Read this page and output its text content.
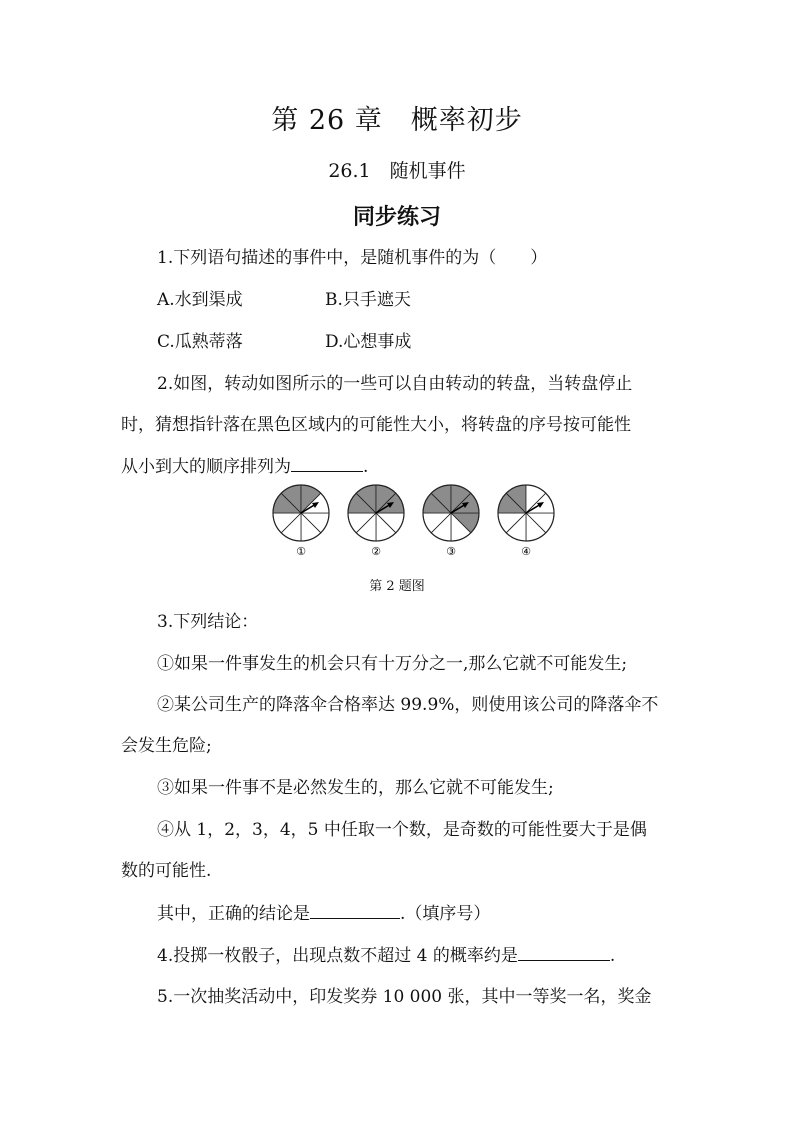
第 26 章　概率初步
26.1　随机事件
同步练习
1.下列语句描述的事件中，是随机事件的为（　　）
A.水到渠成	B.只手遮天
C.瓜熟蒂落	D.心想事成
2.如图，转动如图所示的一些可以自由转动的转盘，当转盘停止
时，猜想指针落在黑色区域内的可能性大小，将转盘的序号按可能性
从小到大的顺序排列为	.
①	②	③	④
第 2 题图
3.下列结论：
①如果一件事发生的机会只有十万分之一,那么它就不可能发生;
②某公司生产的降落伞合格率达 99.9%，则使用该公司的降落伞不
会发生危险;
③如果一件事不是必然发生的，那么它就不可能发生;
④从 1，2，3，4，5 中任取一个数，是奇数的可能性要大于是偶
数的可能性.
其中，正确的结论是	.（填序号）
4.投掷一枚骰子，出现点数不超过 4 的概率约是	.
5.一次抽奖活动中，印发奖券 10 000 张，其中一等奖一名，奖金
